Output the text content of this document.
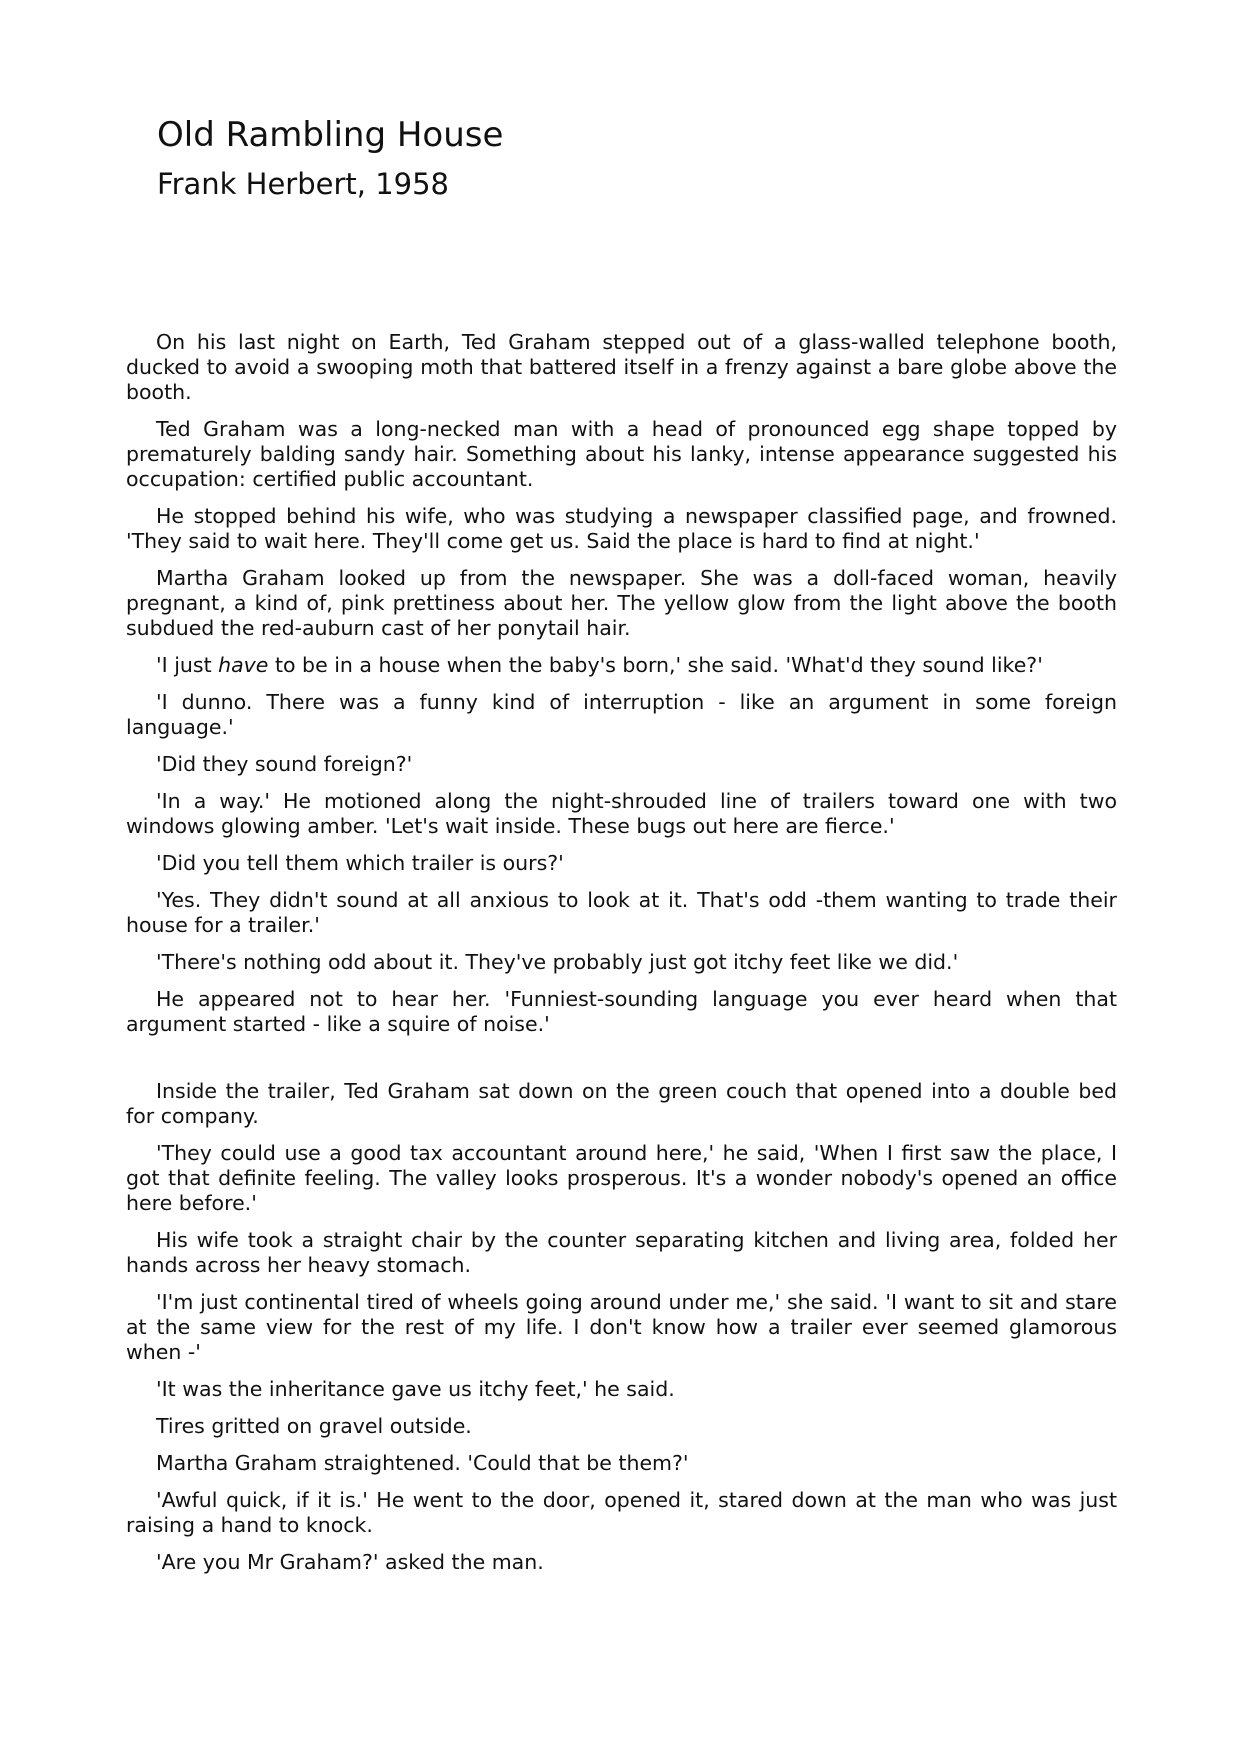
Old Rambling House
Frank Herbert, 1958

On his last night on Earth, Ted Graham stepped out of a glass-walled telephone booth, ducked to avoid a swooping moth that battered itself in a frenzy against a bare globe above the booth.

Ted Graham was a long-necked man with a head of pronounced egg shape topped by prematurely balding sandy hair. Something about his lanky, intense appearance suggested his occupation: certified public accountant.

He stopped behind his wife, who was studying a newspaper classified page, and frowned. 'They said to wait here. They'll come get us. Said the place is hard to find at night.'

Martha Graham looked up from the newspaper. She was a doll-faced woman, heavily pregnant, a kind of, pink prettiness about her. The yellow glow from the light above the booth subdued the red-auburn cast of her ponytail hair.

'I just have to be in a house when the baby's born,' she said. 'What'd they sound like?'

'I dunno. There was a funny kind of interruption - like an argument in some foreign language.'

'Did they sound foreign?'

'In a way.' He motioned along the night-shrouded line of trailers toward one with two windows glowing amber. 'Let's wait inside. These bugs out here are fierce.'

'Did you tell them which trailer is ours?'

'Yes. They didn't sound at all anxious to look at it. That's odd -them wanting to trade their house for a trailer.'

'There's nothing odd about it. They've probably just got itchy feet like we did.'

He appeared not to hear her. 'Funniest-sounding language you ever heard when that argument started - like a squire of noise.'

Inside the trailer, Ted Graham sat down on the green couch that opened into a double bed for company.

'They could use a good tax accountant around here,' he said, 'When I first saw the place, I got that definite feeling. The valley looks prosperous. It's a wonder nobody's opened an office here before.'

His wife took a straight chair by the counter separating kitchen and living area, folded her hands across her heavy stomach.

'I'm just continental tired of wheels going around under me,' she said. 'I want to sit and stare at the same view for the rest of my life. I don't know how a trailer ever seemed glamorous when -'

'It was the inheritance gave us itchy feet,' he said.

Tires gritted on gravel outside.

Martha Graham straightened. 'Could that be them?'

'Awful quick, if it is.' He went to the door, opened it, stared down at the man who was just raising a hand to knock.

'Are you Mr Graham?' asked the man.
